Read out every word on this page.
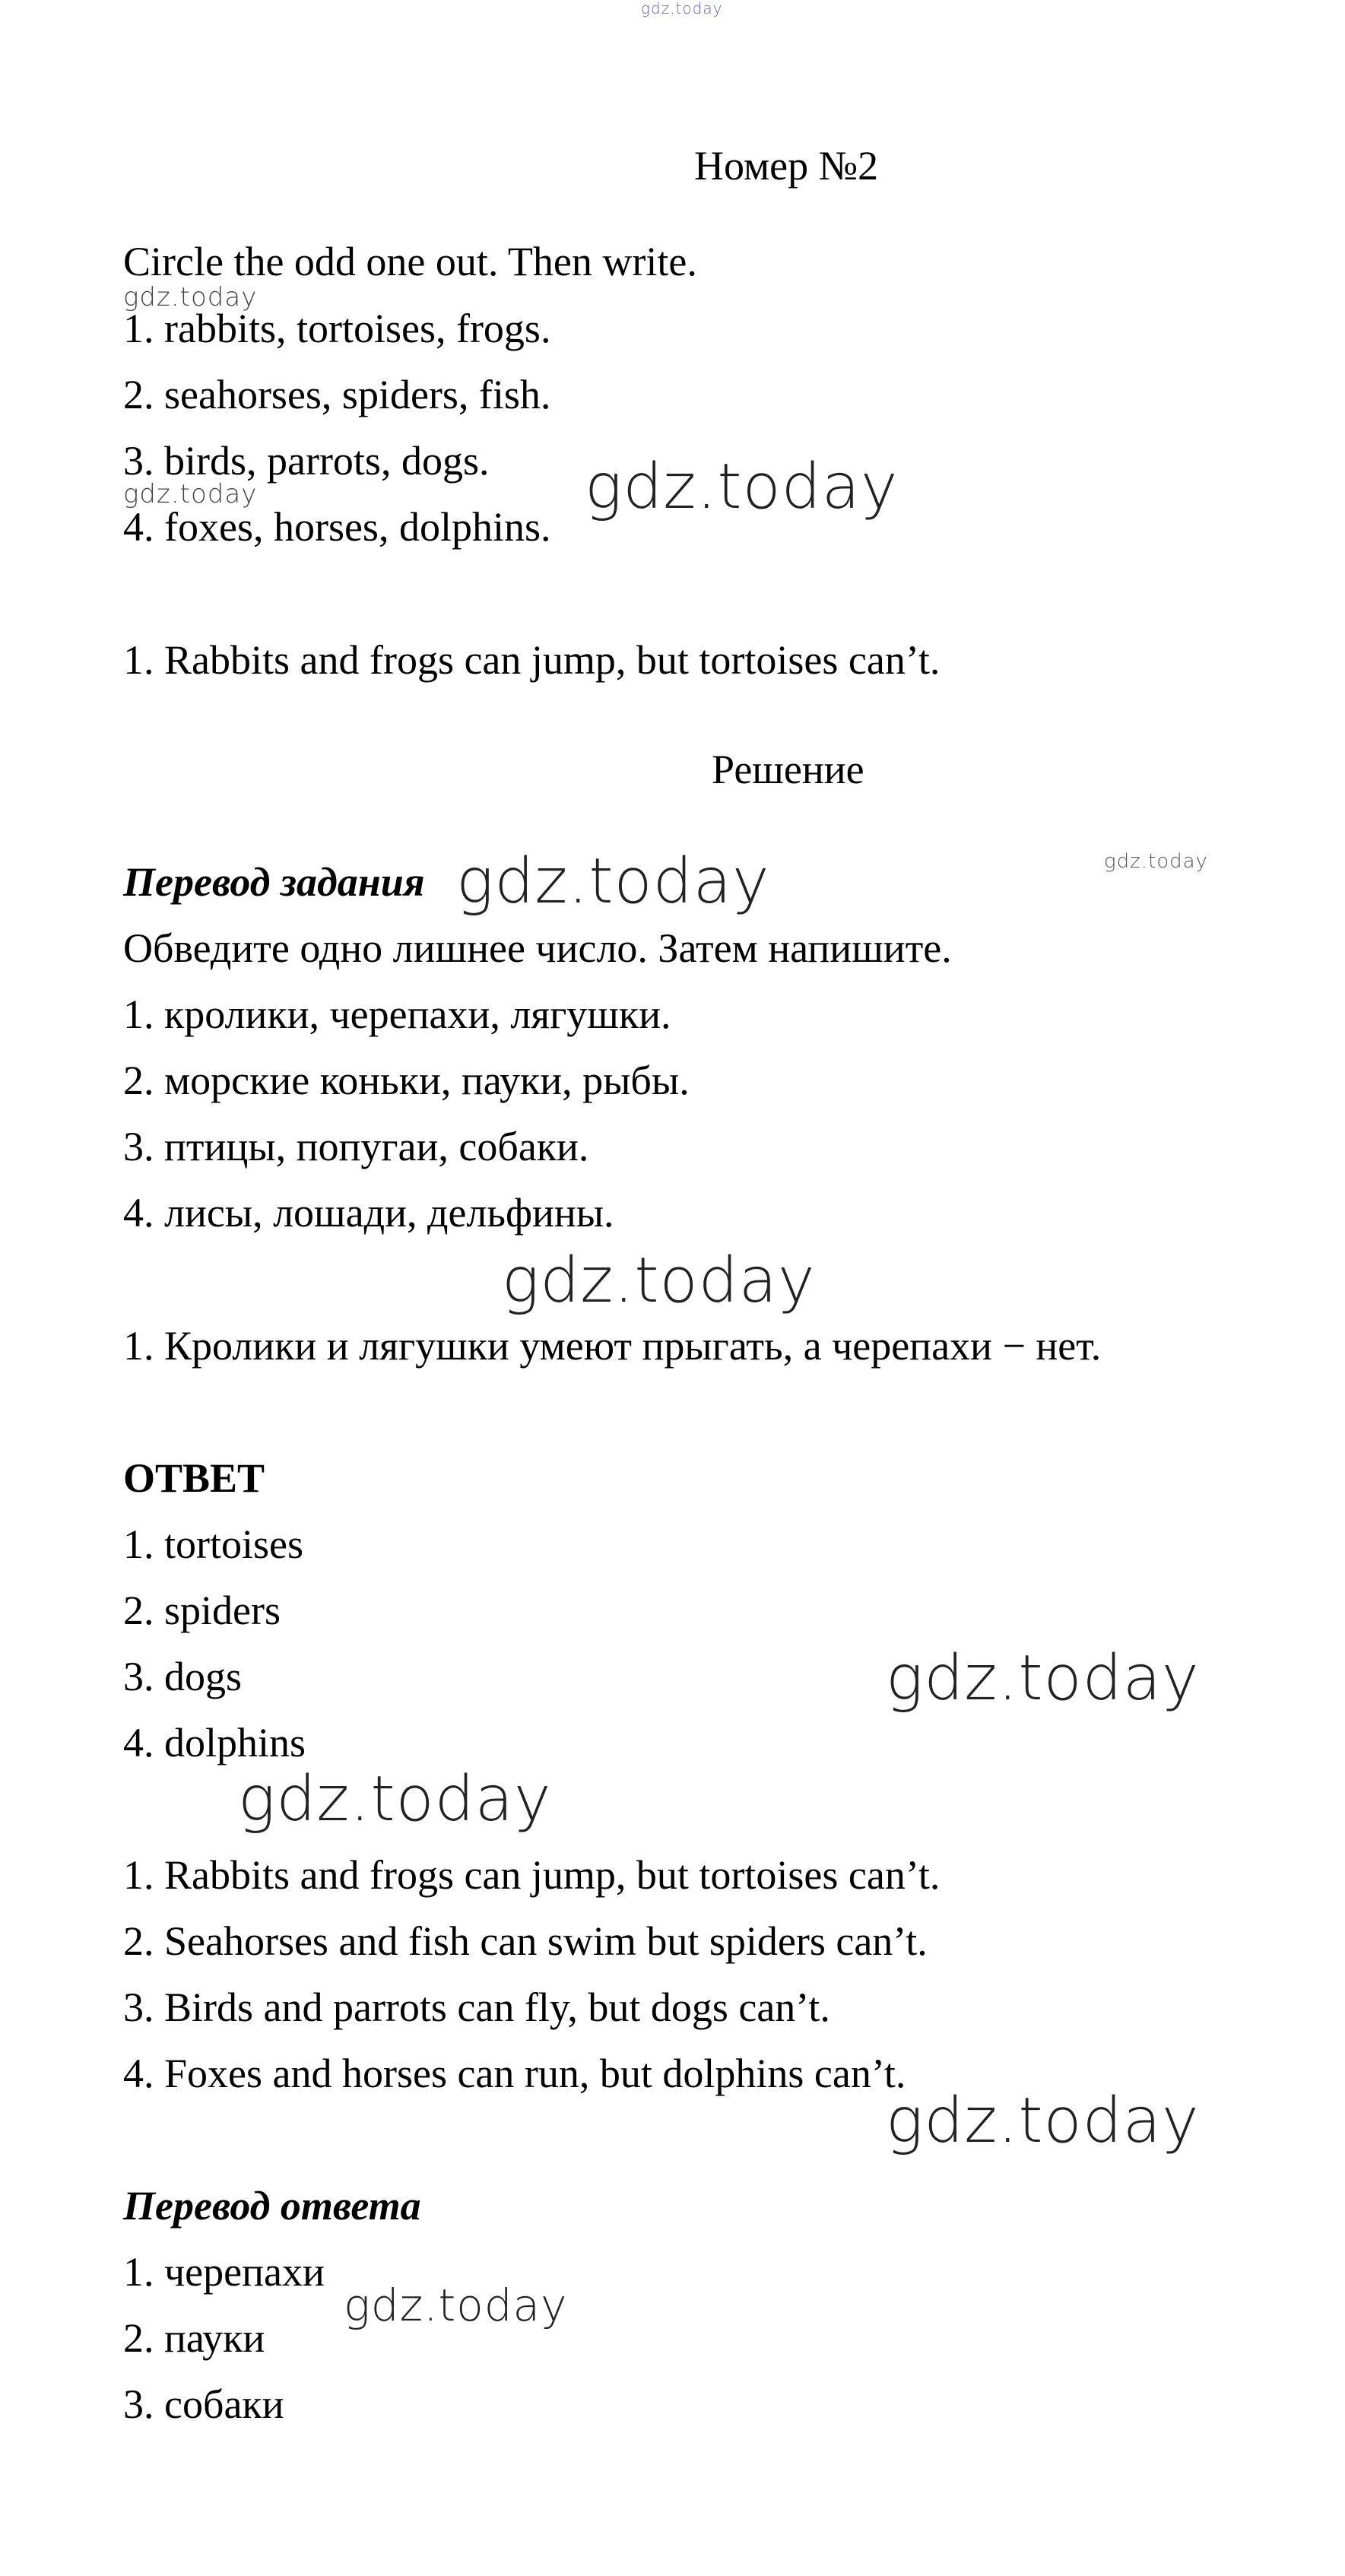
gdz.today
Номер №2
Circle the odd one out. Then write.
gdz.today
1. rabbits, tortoises, frogs.
2. seahorses, spiders, fish.
3. birds, parrots, dogs.
gdz.today
4. foxes, horses, dolphins.
gdz.today
1. Rabbits and frogs can jump, but tortoises can’t.
Решение
Перевод задания gdz.today	gdz.today
Обведите одно лишнее число. Затем напишите.
1. кролики, черепахи, лягушки.
2. морские коньки, пауки, рыбы.
3. птицы, попугаи, собаки.
4. лисы, лошади, дельфины.
gdz.today
1. Кролики и лягушки умеют прыгать, а черепахи − нет.
ОТВЕТ
1. tortoises
2. spiders
3. dogs	gdz.today
4. dolphins
gdz.today
1. Rabbits and frogs can jump, but tortoises can’t.
2. Seahorses and fish can swim but spiders can’t.
3. Birds and parrots can fly, but dogs can’t.
4. Foxes and horses can run, but dolphins can’t.
gdz.today
Перевод ответа
1. черепахи
gdz.today
2. пауки
3. собаки
